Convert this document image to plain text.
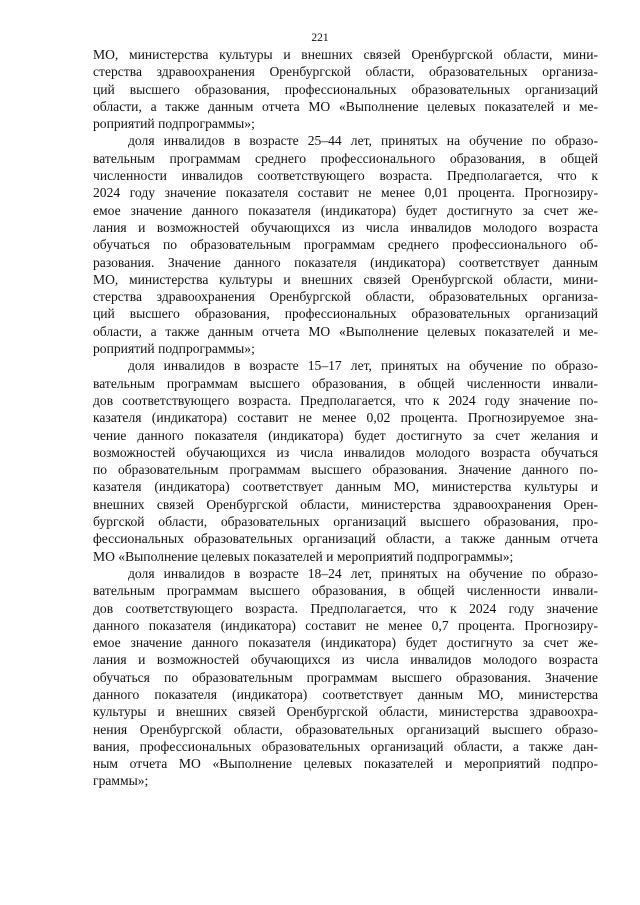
221
МО, министерства культуры и внешних связей Оренбургской области, мини-
стерства здравоохранения Оренбургской области, образовательных организа-
ций высшего образования, профессиональных образовательных организаций
области, а также данным отчета МО «Выполнение целевых показателей и ме-
роприятий подпрограммы»;
доля инвалидов в возрасте 25–44 лет, принятых на обучение по образо-
вательным программам среднего профессионального образования, в общей
численности инвалидов соответствующего возраста. Предполагается, что к
2024 году значение показателя составит не менее 0,01 процента. Прогнозиру-
емое значение данного показателя (индикатора) будет достигнуто за счет же-
лания и возможностей обучающихся из числа инвалидов молодого возраста
обучаться по образовательным программам среднего профессионального об-
разования. Значение данного показателя (индикатора) соответствует данным
МО, министерства культуры и внешних связей Оренбургской области, мини-
стерства здравоохранения Оренбургской области, образовательных организа-
ций высшего образования, профессиональных образовательных организаций
области, а также данным отчета МО «Выполнение целевых показателей и ме-
роприятий подпрограммы»;
доля инвалидов в возрасте 15–17 лет, принятых на обучение по образо-
вательным программам высшего образования, в общей численности инвали-
дов соответствующего возраста. Предполагается, что к 2024 году значение по-
казателя (индикатора) составит не менее 0,02 процента. Прогнозируемое зна-
чение данного показателя (индикатора) будет достигнуто за счет желания и
возможностей обучающихся из числа инвалидов молодого возраста обучаться
по образовательным программам высшего образования. Значение данного по-
казателя (индикатора) соответствует данным МО, министерства культуры и
внешних связей Оренбургской области, министерства здравоохранения Орен-
бургской области, образовательных организаций высшего образования, про-
фессиональных образовательных организаций области, а также данным отчета
МО «Выполнение целевых показателей и мероприятий подпрограммы»;
доля инвалидов в возрасте 18–24 лет, принятых на обучение по образо-
вательным программам высшего образования, в общей численности инвали-
дов соответствующего возраста. Предполагается, что к 2024 году значение
данного показателя (индикатора) составит не менее 0,7 процента. Прогнозиру-
емое значение данного показателя (индикатора) будет достигнуто за счет же-
лания и возможностей обучающихся из числа инвалидов молодого возраста
обучаться по образовательным программам высшего образования. Значение
данного показателя (индикатора) соответствует данным МО, министерства
культуры и внешних связей Оренбургской области, министерства здравоохра-
нения Оренбургской области, образовательных организаций высшего образо-
вания, профессиональных образовательных организаций области, а также дан-
ным отчета МО «Выполнение целевых показателей и мероприятий подпро-
граммы»;
